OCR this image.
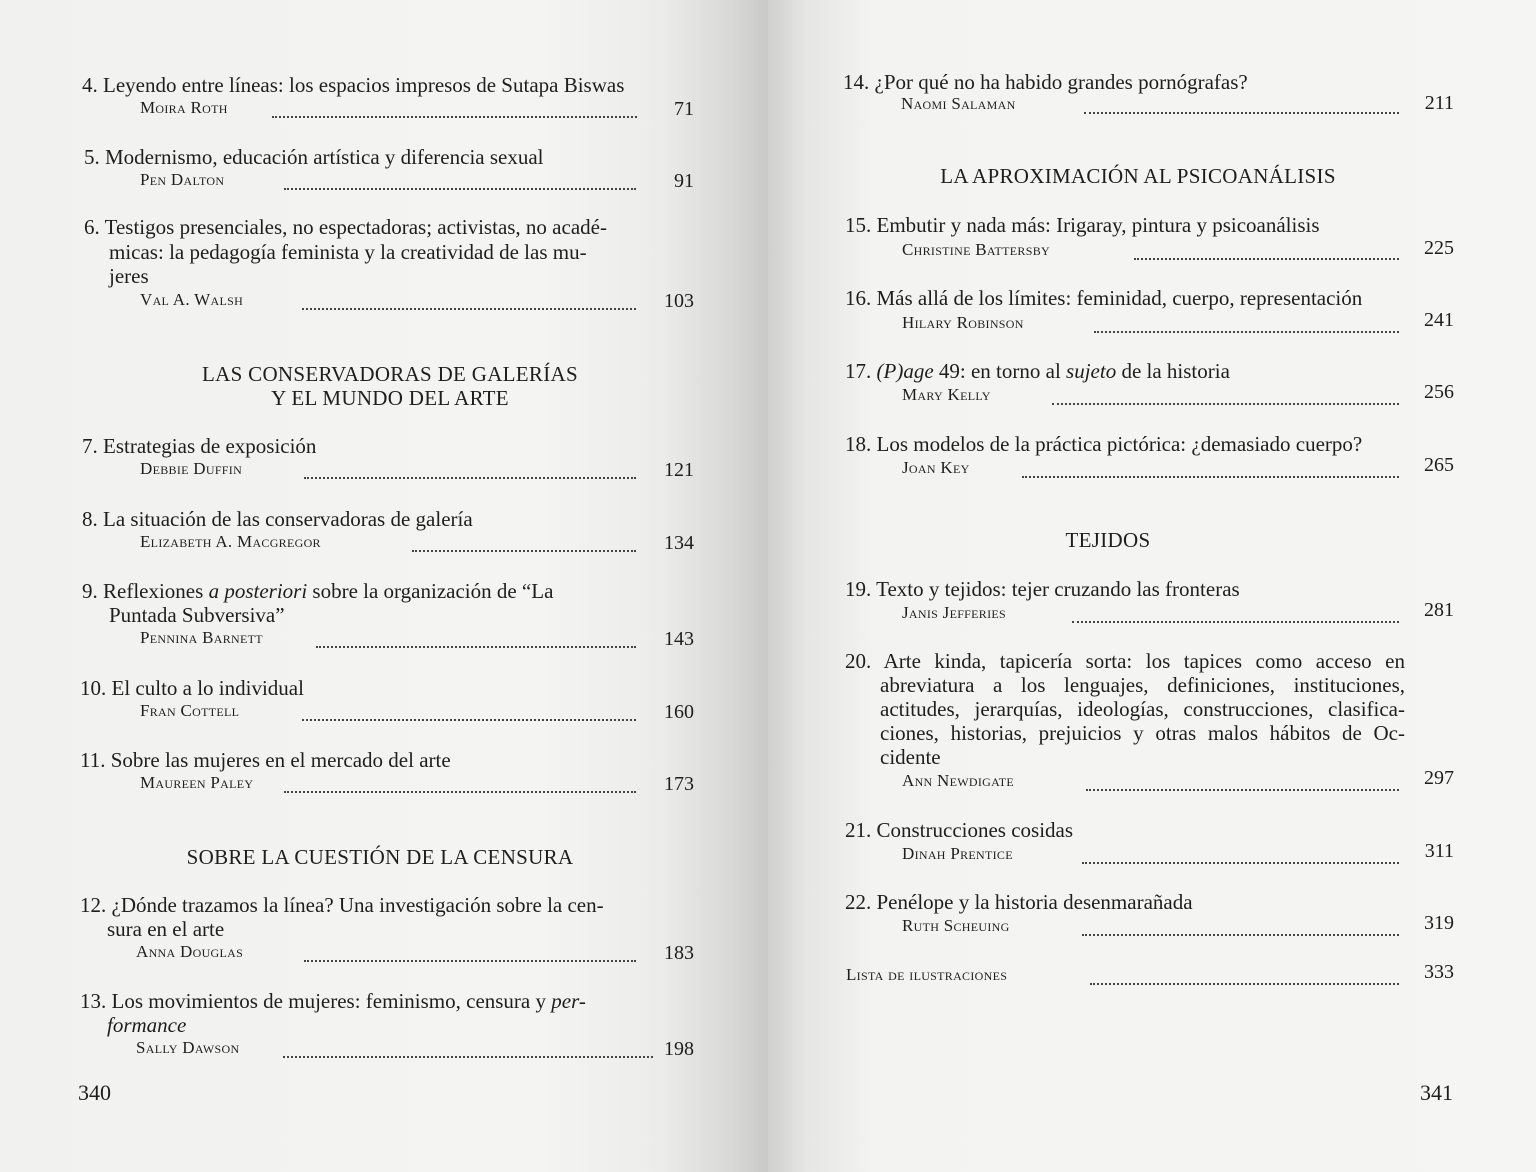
4. Leyendo entre líneas: los espacios impresos de Sutapa Biswas
Moira Roth	71
5. Modernismo, educación artística y diferencia sexual
Pen Dalton	91
6. Testigos presenciales, no espectadoras; activistas, no acadé-
micas: la pedagogía feminista y la creatividad de las mu-
jeres
Val A. Walsh	103
LAS CONSERVADORAS DE GALERÍAS
Y EL MUNDO DEL ARTE
7. Estrategias de exposición
Debbie Duffin	121
8. La situación de las conservadoras de galería
Elizabeth A. Macgregor	134
9. Reflexiones a posteriori sobre la organización de “La
Puntada Subversiva”
Pennina Barnett	143
10. El culto a lo individual
Fran Cottell	160
11. Sobre las mujeres en el mercado del arte
Maureen Paley	173
SOBRE LA CUESTIÓN DE LA CENSURA
12. ¿Dónde trazamos la línea? Una investigación sobre la cen-
sura en el arte
Anna Douglas	183
13. Los movimientos de mujeres: feminismo, censura y per-
formance
Sally Dawson	198
340
14. ¿Por qué no ha habido grandes pornógrafas?
Naomi Salaman	211
LA APROXIMACIÓN AL PSICOANÁLISIS
15. Embutir y nada más: Irigaray, pintura y psicoanálisis
Christine Battersby	225
16. Más allá de los límites: feminidad, cuerpo, representación
Hilary Robinson	241
17. (P)age 49: en torno al sujeto de la historia
Mary Kelly	256
18. Los modelos de la práctica pictórica: ¿demasiado cuerpo?
Joan Key	265
TEJIDOS
19. Texto y tejidos: tejer cruzando las fronteras
Janis Jefferies	281
20. Arte kinda, tapicería sorta: los tapices como acceso en
abreviatura a los lenguajes, definiciones, instituciones,
actitudes, jerarquías, ideologías, construcciones, clasifica-
ciones, historias, prejuicios y otras malos hábitos de Oc-
cidente
Ann Newdigate	297
21. Construcciones cosidas
Dinah Prentice	311
22. Penélope y la historia desenmarañada
Ruth Scheuing	319
Lista de ilustraciones	333
341
